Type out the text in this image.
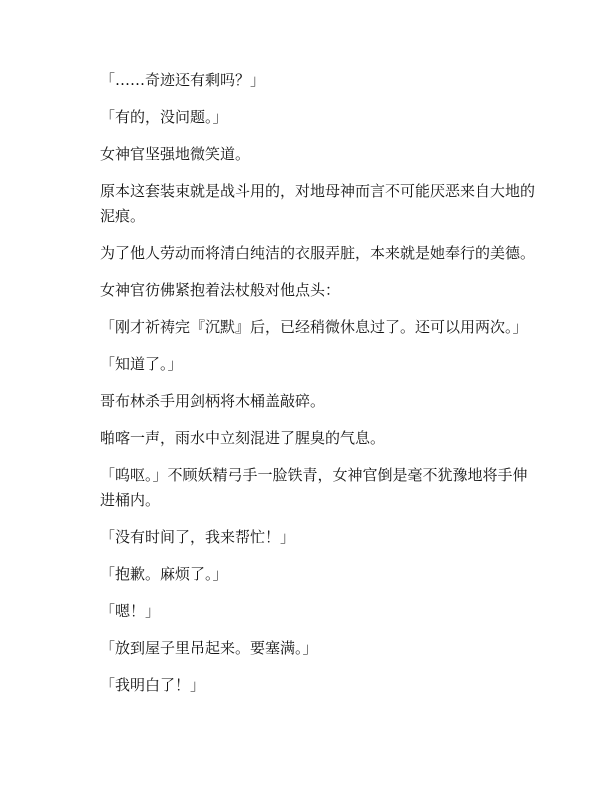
「……奇迹还有剩吗？」

「有的，没问题。」

女神官坚强地微笑道。

原本这套装束就是战斗用的，对地母神而言不可能厌恶来自大地的泥痕。

为了他人劳动而将清白纯洁的衣服弄脏，本来就是她奉行的美德。

女神官彷佛紧抱着法杖般对他点头：

「刚才祈祷完『沉默』后，已经稍微休息过了。还可以用两次。」

「知道了。」

哥布林杀手用剑柄将木桶盖敲碎。

啪喀一声，雨水中立刻混进了腥臭的气息。

「呜呕。」不顾妖精弓手一脸铁青，女神官倒是毫不犹豫地将手伸进桶内。

「没有时间了，我来帮忙！」

「抱歉。麻烦了。」

「嗯！」

「放到屋子里吊起来。要塞满。」

「我明白了！」
